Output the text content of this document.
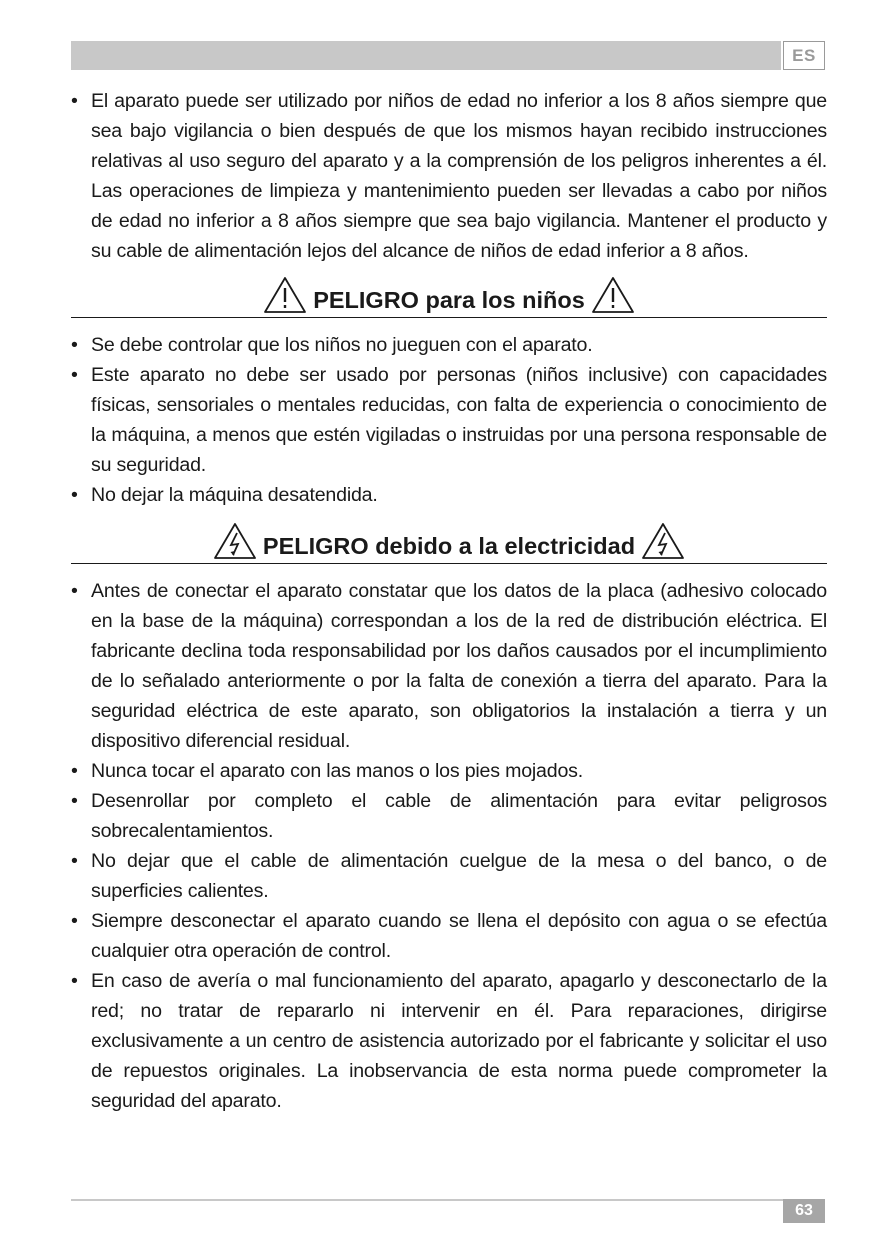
ES
• El aparato puede ser utilizado por niños de edad no inferior a los 8 años siempre que sea bajo vigilancia o bien después de que los mismos hayan recibido instrucciones relativas al uso seguro del aparato y a la comprensión de los peligros inherentes a él. Las operaciones de limpieza y mantenimiento pueden ser llevadas a cabo por niños de edad no inferior a 8 años siempre que sea bajo vigilancia. Mantener el producto y su cable de alimentación lejos del alcance de niños de edad inferior a 8 años.
PELIGRO para los niños
• Se debe controlar que los niños no jueguen con el aparato.
• Este aparato no debe ser usado por personas (niños inclusive) con capacidades físicas, sensoriales o mentales reducidas, con falta de experiencia o conocimiento de la máquina, a menos que estén vigiladas o instruidas por una persona responsable de su seguridad.
• No dejar la máquina desatendida.
PELIGRO debido a la electricidad
• Antes de conectar el aparato constatar que los datos de la placa (adhesivo colocado en la base de la máquina) correspondan a los de la red de distribución eléctrica. El fabricante declina toda responsabilidad por los daños causados por el incumplimiento de lo señalado anteriormente o por la falta de conexión a tierra del aparato. Para la seguridad eléctrica de este aparato, son obligatorios la instalación a tierra y un dispositivo diferencial residual.
• Nunca tocar el aparato con las manos o los pies mojados.
• Desenrollar por completo el cable de alimentación para evitar peligrosos sobrecalentamientos.
• No dejar que el cable de alimentación cuelgue de la mesa o del banco, o de superficies calientes.
• Siempre desconectar el aparato cuando se llena el depósito con agua o se efectúa cualquier otra operación de control.
• En caso de avería o mal funcionamiento del aparato, apagarlo y desconectarlo de la red; no tratar de repararlo ni intervenir en él. Para reparaciones, dirigirse exclusivamente a un centro de asistencia autorizado por el fabricante y solicitar el uso de repuestos originales. La inobservancia de esta norma puede comprometer la seguridad del aparato.
63
